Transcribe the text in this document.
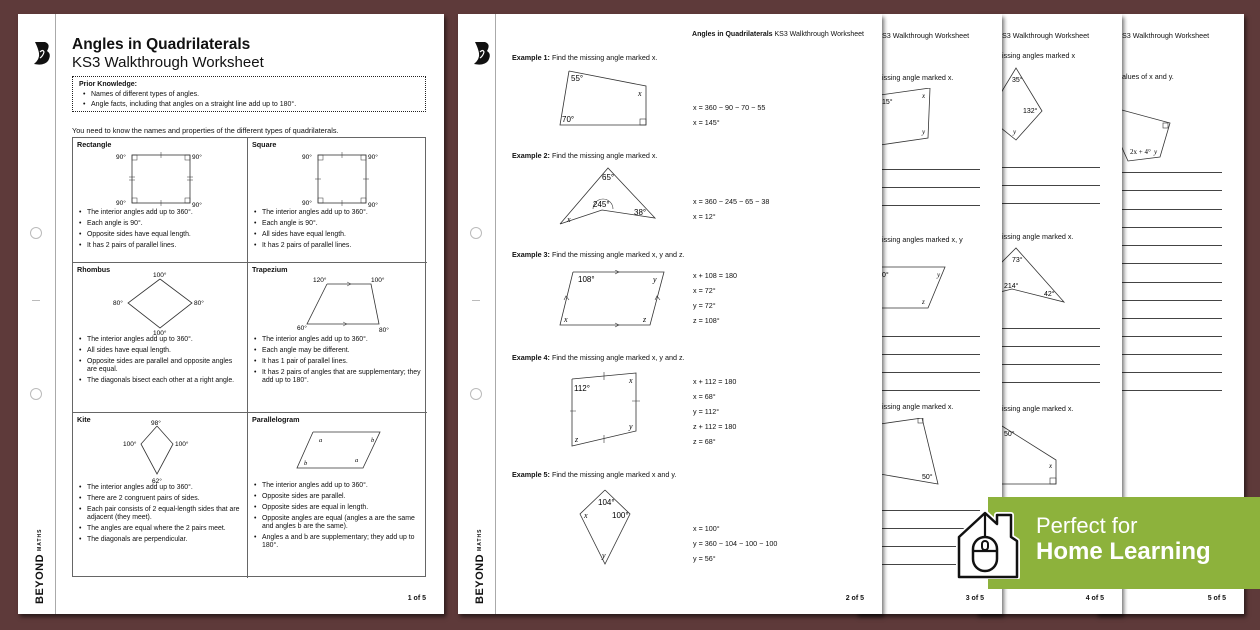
S3 Walkthrough Worksheet
alues of x and y.
2x + 4° y
5 of 5
S3 Walkthrough Worksheet
issing angles marked x
35°
132°
y
issing angle marked x.
73°
214°
42°
issing angle marked x.
50°
x
4 of 5
S3 Walkthrough Worksheet
issing angle marked x.
15°
x
y
issing angles marked x, y
0°	y
z
issing angle marked x.
50°
3 of 5
BEYONDMATHS
Angles in Quadrilaterals KS3 Walkthrough Worksheet
Example 1: Find the missing angle marked x.
55°
70°
x
x = 360 − 90 − 70 − 55
x = 145°
Example 2: Find the missing angle marked x.
65°
245°
38°
x
x = 360 − 245 − 65 − 38
x = 12°
Example 3: Find the missing angle marked x, y and z.
108°	y
x	z
x + 108 = 180
x = 72°
y = 72°
z = 108°
Example 4: Find the missing angle marked x, y and z.
112°
x
z
y
x + 112 = 180
x = 68°
y = 112°
z + 112 = 180
z = 68°
Example 5: Find the missing angle marked x and y.
104°
x	100°
y
x = 100°
y = 360 − 104 − 100 − 100
y = 56°
2 of 5
BEYONDMATHS
Angles in Quadrilaterals
KS3 Walkthrough Worksheet
Prior Knowledge:
• Names of different types of angles.
• Angle facts, including that angles on a straight line add up to 180°.
You need to know the names and properties of the different types of quadrilaterals.
Rectangle
90°	90°
90°	90°
• The interior angles add up to 360°.
• Each angle is 90°.
• Opposite sides have equal length.
• It has 2 pairs of parallel lines.
Square
90°	90°
90°	90°
• The interior angles add up to 360°.
• Each angle is 90°.
• All sides have equal length.
• It has 2 pairs of parallel lines.
Rhombus
100°
80°	80°
100°
• The interior angles add up to 360°.
• All sides have equal length.
• Opposite sides are parallel and opposite angles are equal.
• The diagonals bisect each other at a right angle.
Trapezium
120°	100°
60°	80°
• The interior angles add up to 360°.
• Each angle may be different.
• It has 1 pair of parallel lines.
• It has 2 pairs of angles that are supplementary; they add up to 180°.
Kite	98°
100°	100°
62°
• The interior angles add up to 360°.
• There are 2 congruent pairs of sides.
• Each pair consists of 2 equal-length sides that are adjacent (they meet).
• The angles are equal where the 2 pairs meet.
• The diagonals are perpendicular.
Parallelogram
a	b
b	a
• The interior angles add up to 360°.
• Opposite sides are parallel.
• Opposite sides are equal in length.
• Opposite angles are equal (angles a are the same and angles b are the same).
• Angles a and b are supplementary; they add up to 180°.
1 of 5
Perfect for
Home Learning
